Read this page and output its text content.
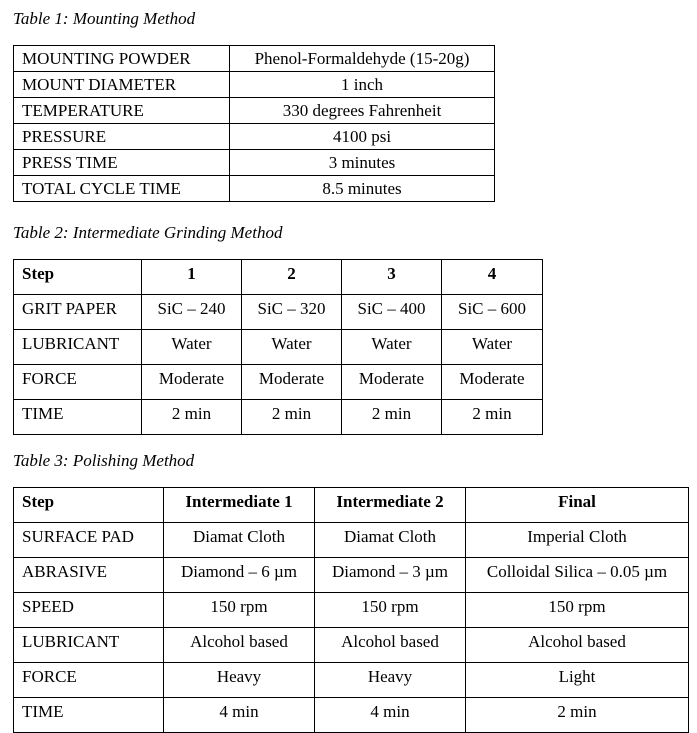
Table 1: Mounting Method
MOUNTING POWDER	Phenol-Formaldehyde (15-20g)
MOUNT DIAMETER	1 inch
TEMPERATURE	330 degrees Fahrenheit
PRESSURE	4100 psi
PRESS TIME	3 minutes
TOTAL CYCLE TIME	8.5 minutes
Table 2: Intermediate Grinding Method
Step	1	2	3	4
GRIT PAPER	SiC – 240	SiC – 320	SiC – 400	SiC – 600
LUBRICANT	Water	Water	Water	Water
FORCE	Moderate	Moderate	Moderate	Moderate
TIME	2 min	2 min	2 min	2 min
Table 3: Polishing Method
Step	Intermediate 1	Intermediate 2	Final
SURFACE PAD	Diamat Cloth	Diamat Cloth	Imperial Cloth
ABRASIVE	Diamond – 6 µm	Diamond – 3 µm	Colloidal Silica – 0.05 µm
SPEED	150 rpm	150 rpm	150 rpm
LUBRICANT	Alcohol based	Alcohol based	Alcohol based
FORCE	Heavy	Heavy	Light
TIME	4 min	4 min	2 min
